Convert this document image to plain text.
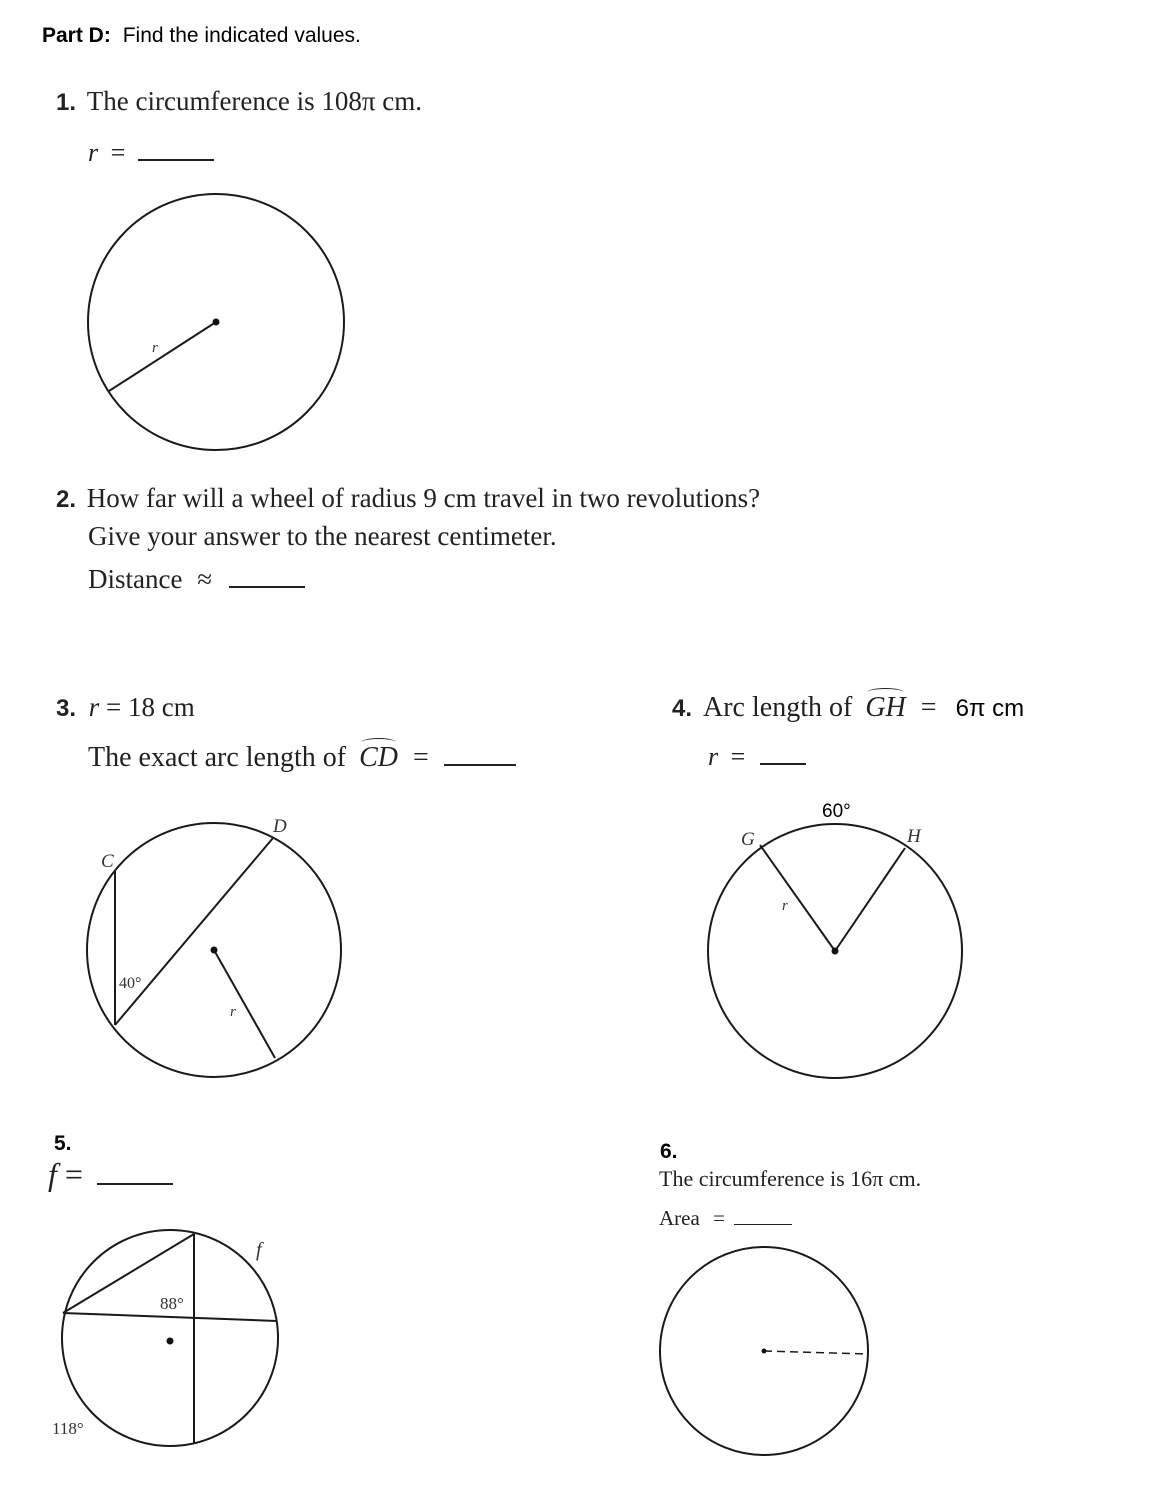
Part D: Find the indicated values.
1. The circumference is 108π cm.
r =
2. How far will a wheel of radius 9 cm travel in two revolutions?
Give your answer to the nearest centimeter.
Distance ≈
3. r = 18 cm
The exact arc length of CD =
4. Arc length of GH = 6π cm
r =
5.
f =
6.
The circumference is 16π cm.
Area =
r
C
D
40°
r
60°
G	H
r
f
88°
118°
